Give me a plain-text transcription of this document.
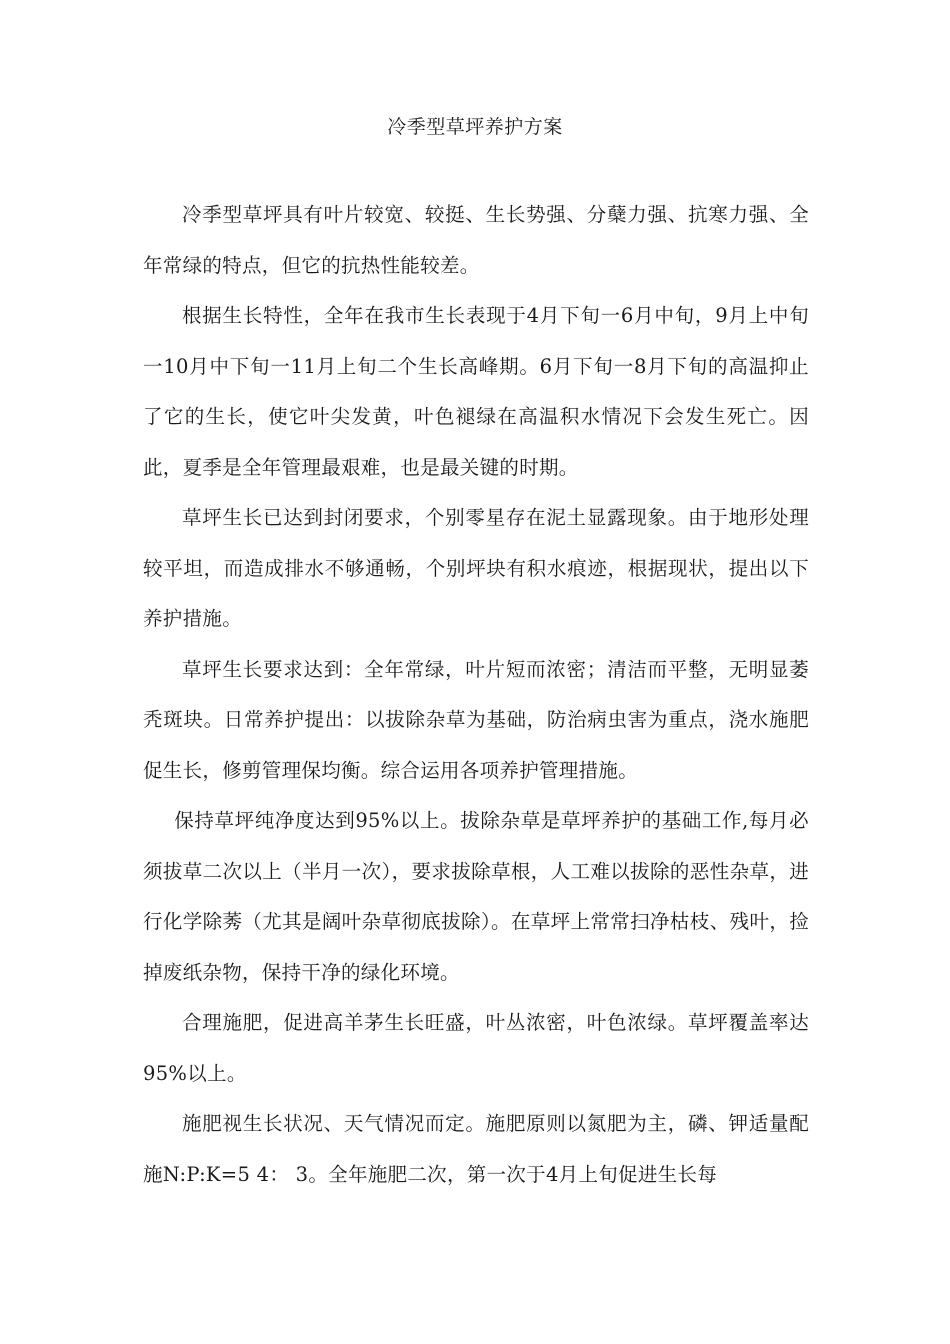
冷季型草坪养护方案

冷季型草坪具有叶片较宽、较挺、生长势强、分蘖力强、抗寒力强、全年常绿的特点，但它的抗热性能较差。

根据生长特性，全年在我市生长表现于4月下旬一6月中旬，9月上中旬一10月中下旬一11月上旬二个生长高峰期。6月下旬一8月下旬的高温抑止了它的生长，使它叶尖发黄，叶色褪绿在高温积水情况下会发生死亡。因此，夏季是全年管理最艰难，也是最关键的时期。

草坪生长已达到封闭要求，个别零星存在泥土显露现象。由于地形处理较平坦，而造成排水不够通畅，个别坪块有积水痕迹，根据现状，提出以下养护措施。

草坪生长要求达到：全年常绿，叶片短而浓密；清洁而平整，无明显萎秃斑块。日常养护提出：以拔除杂草为基础，防治病虫害为重点，浇水施肥促生长，修剪管理保均衡。综合运用各项养护管理措施。

保持草坪纯净度达到95%以上。拔除杂草是草坪养护的基础工作,每月必须拔草二次以上（半月一次），要求拔除草根，人工难以拔除的恶性杂草，进行化学除莠（尤其是阔叶杂草彻底拔除）。在草坪上常常扫净枯枝、残叶，捡掉废纸杂物，保持干净的绿化环境。

合理施肥，促进高羊茅生长旺盛，叶丛浓密，叶色浓绿。草坪覆盖率达95%以上。

施肥视生长状况、天气情况而定。施肥原则以氮肥为主，磷、钾适量配施N:P:K=5 4： 3。全年施肥二次，第一次于4月上旬促进生长每
